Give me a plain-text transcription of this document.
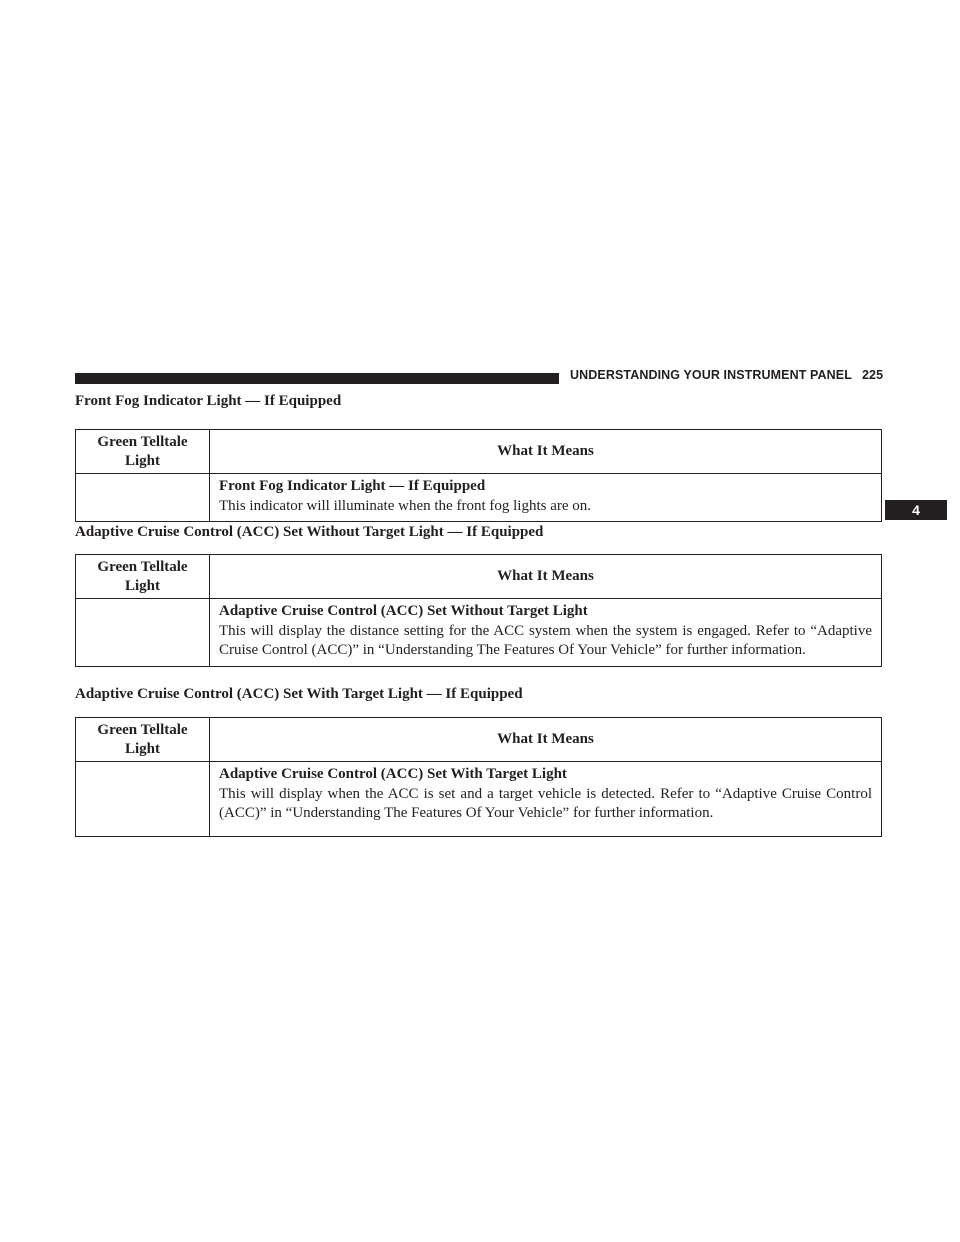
UNDERSTANDING YOUR INSTRUMENT PANEL 225
4
Front Fog Indicator Light — If Equipped
Green Telltale Light	What It Means

	Front Fog Indicator Light — If Equipped
This indicator will illuminate when the front fog lights are on.
Adaptive Cruise Control (ACC) Set Without Target Light — If Equipped
Green Telltale Light	What It Means

	Adaptive Cruise Control (ACC) Set Without Target Light
This will display the distance setting for the ACC system when the system is engaged. Refer to “Adaptive Cruise Control (ACC)” in “Understanding The Features Of Your Vehicle” for further information.
Adaptive Cruise Control (ACC) Set With Target Light — If Equipped
Green Telltale Light	What It Means

	Adaptive Cruise Control (ACC) Set With Target Light
This will display when the ACC is set and a target vehicle is detected. Refer to “Adaptive Cruise Control (ACC)” in “Understanding The Features Of Your Vehicle” for further information.
